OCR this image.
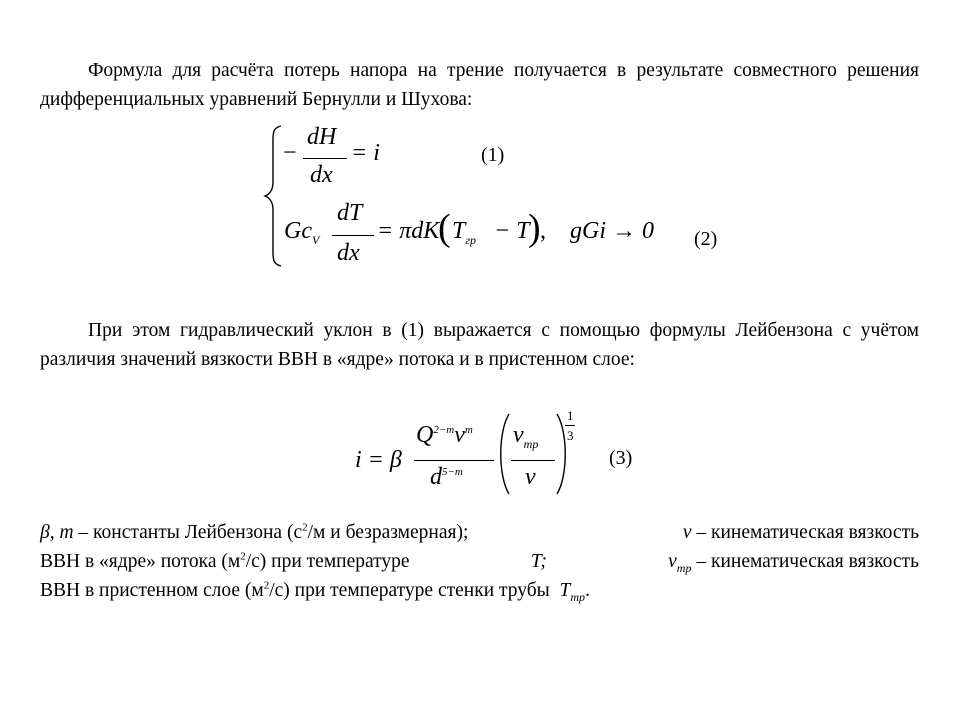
Формула для расчёта потерь напора на трение получается в результате совместного решения дифференциальных уравнений Бернулли и Шухова:

−
dH
dx
= i	(1)
$Gc_V$
dT
dx
= πdK
( $T_{гр} - T$
) , gGi → 0 (2)

При этом гидравлический уклон в (1) выражается с помощью формулы Лейбензона с учётом различия значений вязкости ВВН в «ядре» потока и в пристенном слое:

i = β
$Q^{2-m}\nu^m$
$d^{5-m}$
$\nu_{тр}$
ν
1
3
(3)
β, m – константы Лейбензона ($с^2/м$ и безразмерная);	ν – кинематическая вязкость
ВВН в «ядре» потока $(м^2/с)$ при температуре	T;	$\nu_{тр}$ – кинематическая вязкость
ВВН в пристенном слое $(м^2/с)$ при температуре стенки трубы $T_{тр}$.
